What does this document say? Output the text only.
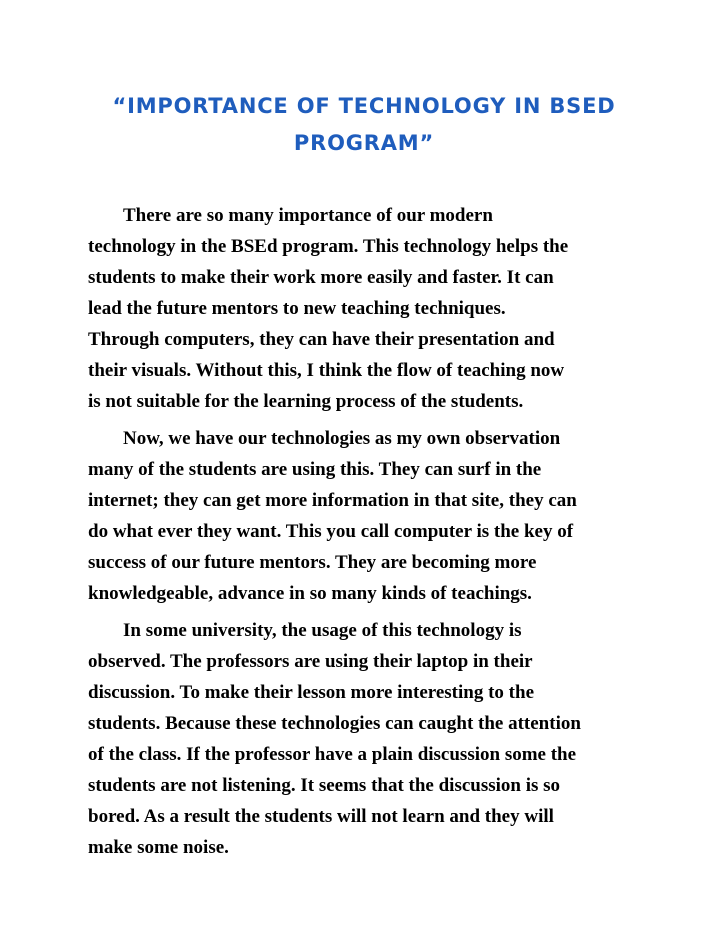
“IMPORTANCE OF TECHNOLOGY IN BSED
PROGRAM”

There are so many importance of our modern
technology in the BSEd program. This technology helps the
students to make their work more easily and faster. It can
lead the future mentors to new teaching techniques.
Through computers, they can have their presentation and
their visuals. Without this, I think the flow of teaching now
is not suitable for the learning process of the students.

Now, we have our technologies as my own observation
many of the students are using this. They can surf in the
internet; they can get more information in that site, they can
do what ever they want. This you call computer is the key of
success of our future mentors. They are becoming more
knowledgeable, advance in so many kinds of teachings.

In some university, the usage of this technology is
observed. The professors are using their laptop in their
discussion. To make their lesson more interesting to the
students. Because these technologies can caught the attention
of the class. If the professor have a plain discussion some the
students are not listening. It seems that the discussion is so
bored. As a result the students will not learn and they will
make some noise.
